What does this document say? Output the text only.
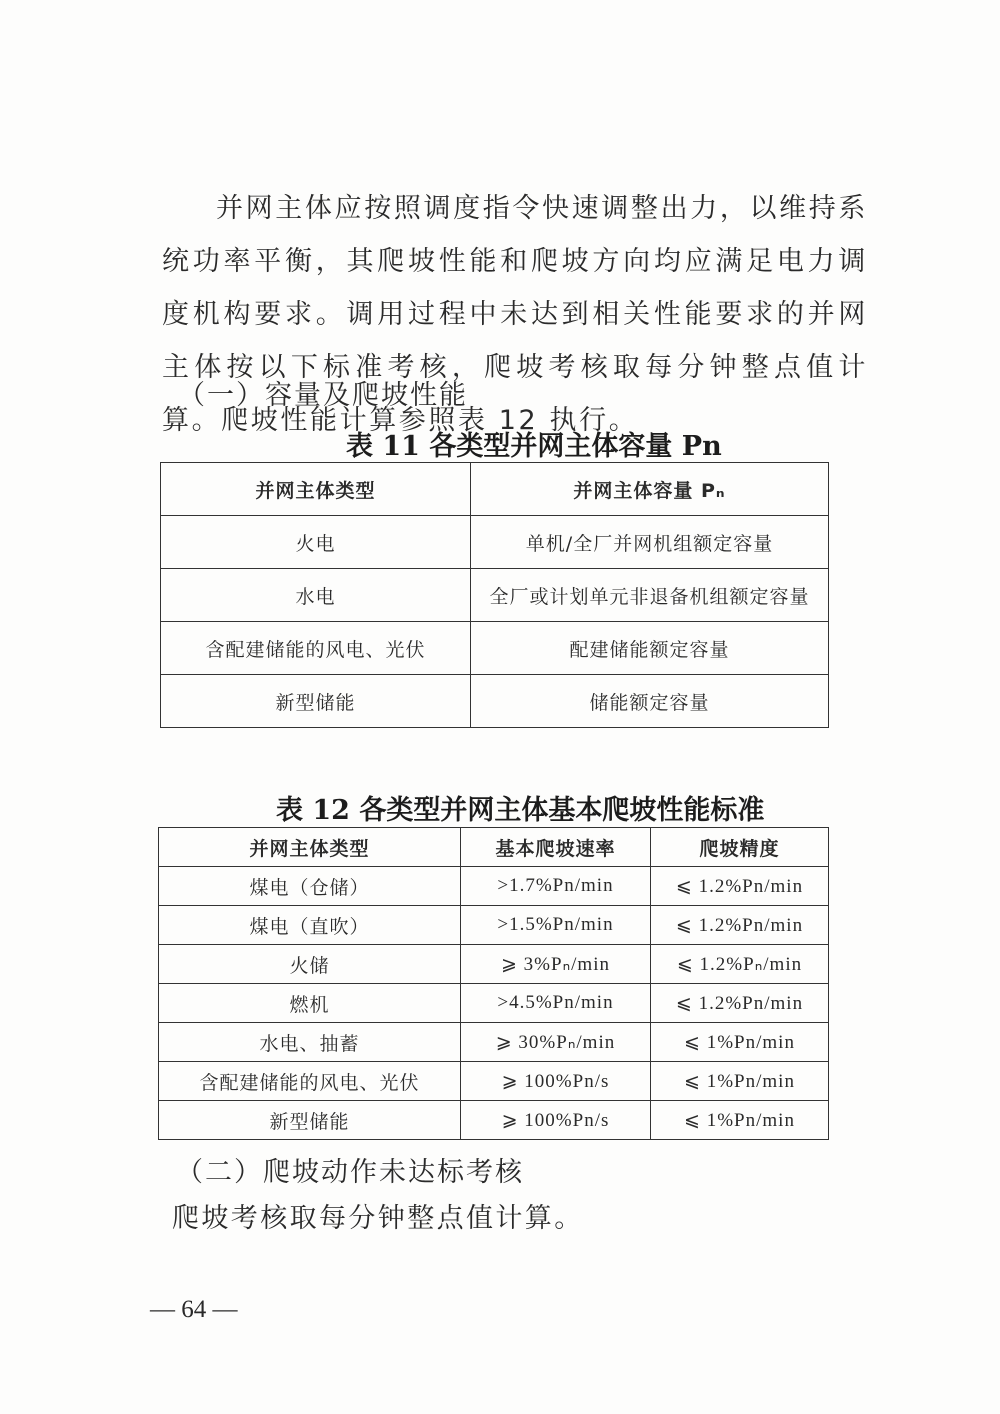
并网主体应按照调度指令快速调整出力，以维持系统功率平衡，其爬坡性能和爬坡方向均应满足电力调度机构要求。调用过程中未达到相关性能要求的并网主体按以下标准考核，爬坡考核取每分钟整点值计算。爬坡性能计算参照表 12 执行。
（一）容量及爬坡性能
表 11 各类型并网主体容量 Pn
并网主体类型	并网主体容量 Pₙ
火电	单机/全厂并网机组额定容量
水电	全厂或计划单元非退备机组额定容量
含配建储能的风电、光伏	配建储能额定容量
新型储能	储能额定容量
表 12 各类型并网主体基本爬坡性能标准
并网主体类型	基本爬坡速率	爬坡精度
煤电（仓储）	>1.7%Pn/min	⩽ 1.2%Pn/min
煤电（直吹）	>1.5%Pn/min	⩽ 1.2%Pn/min
火储	⩾ 3%Pₙ/min	⩽ 1.2%Pₙ/min
燃机	>4.5%Pn/min	⩽ 1.2%Pn/min
水电、抽蓄	⩾ 30%Pₙ/min	⩽ 1%Pn/min
含配建储能的风电、光伏	⩾ 100%Pn/s	⩽ 1%Pn/min
新型储能	⩾ 100%Pn/s	⩽ 1%Pn/min
（二）爬坡动作未达标考核
爬坡考核取每分钟整点值计算。
— 64 —
